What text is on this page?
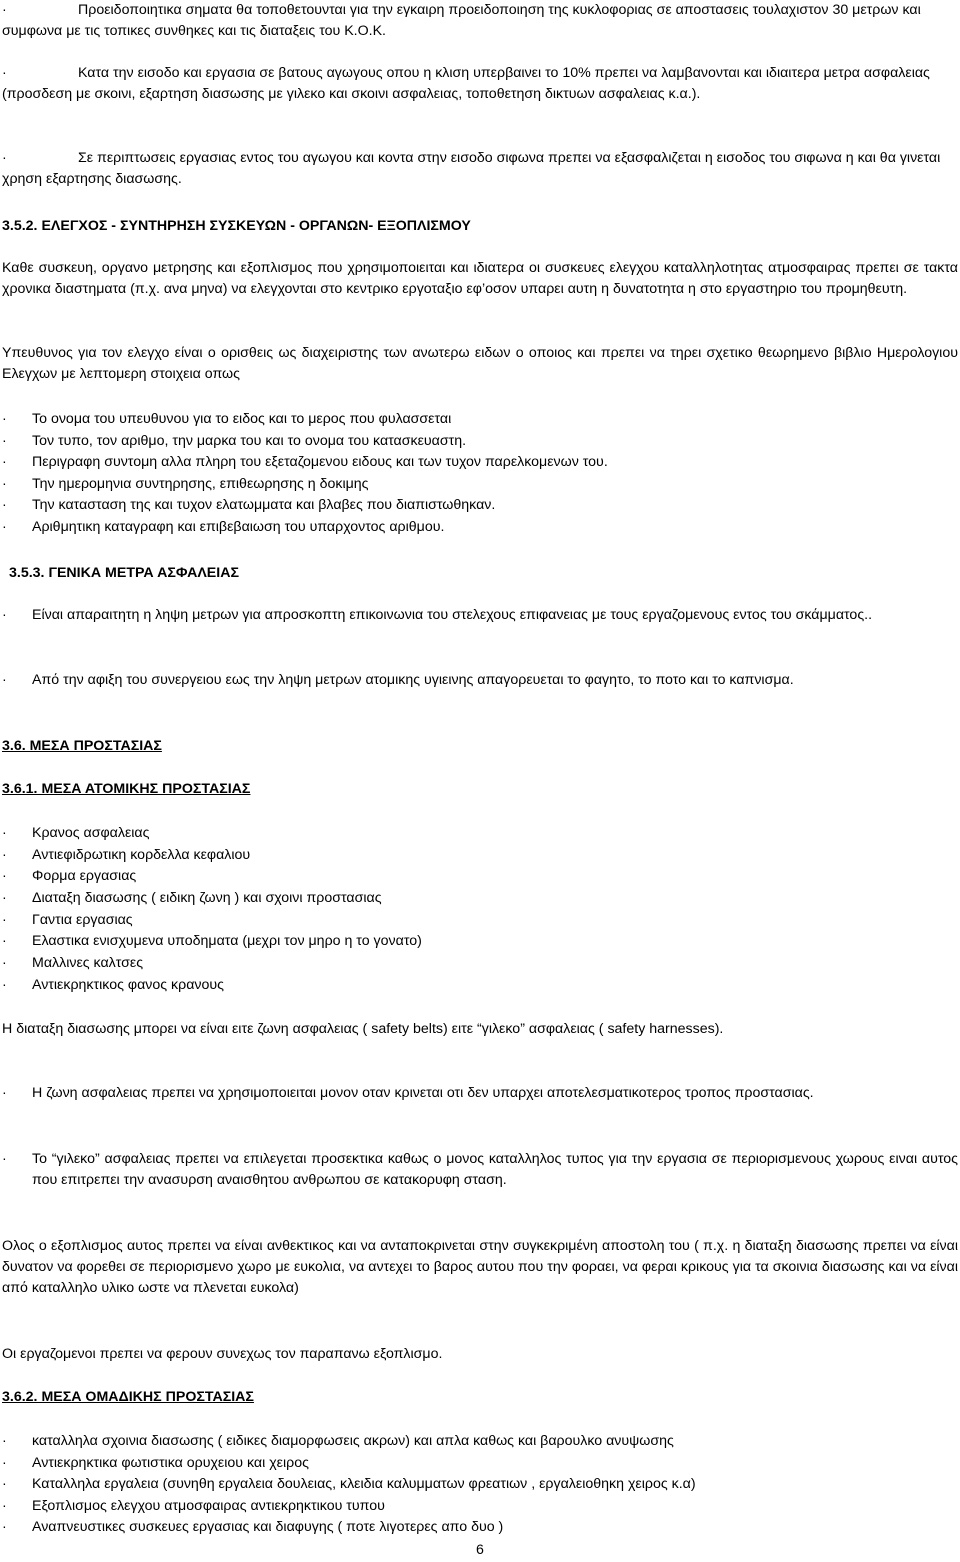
·	Προειδοποιητικα σηματα θα τοποθετουνται για την εγκαιρη προειδοποιηση της κυκλοφοριας σε αποστασεις τουλαχιστον 30 μετρων και συμφωνα με τις τοπικες συνθηκες και τις διαταξεις του Κ.Ο.Κ.

·	Κατα την εισοδο και εργασια σε βατους αγωγους οπου η κλιση υπερβαινει το 10% πρεπει να λαμβανονται και ιδιαιτερα μετρα ασφαλειας (προσδεση με σκοινι, εξαρτηση διασωσης με γιλεκο και σκοινι ασφαλειας, τοποθετηση δικτυων ασφαλειας κ.α.).

·	Σε περιπτωσεις εργασιας εντος του αγωγου και κοντα στην εισοδο σιφωνα πρεπει να εξασφαλιζεται η εισοδος του σιφωνα η και θα γινεται χρηση εξαρτησης διασωσης.

3.5.2. ΕΛΕΓΧΟΣ - ΣΥΝΤΗΡΗΣΗ ΣΥΣΚΕΥΩΝ - ΟΡΓΑΝΩΝ- ΕΞΟΠΛΙΣΜΟΥ

Καθε συσκευη, οργανο μετρησης και εξοπλισμος που χρησιμοποιειται και ιδιατερα οι συσκευες ελεγχου καταλληλοτητας ατμοσφαιρας πρεπει σε τακτα χρονικα διαστηματα (π.χ. ανα μηνα) να ελεγχονται στο κεντρικο εργοταξιο εφ’οσον υπαρει αυτη η δυνατοτητα η στο εργαστηριο του προμηθευτη.

Υπευθυνος για τον ελεγχο είναι ο ορισθεις ως διαχειριστης των ανωτερω ειδων ο οποιος και πρεπει να τηρει σχετικο θεωρημενο βιβλιο Ημερολογιου Ελεγχων με λεπτομερη στοιχεια οπως

· Το ονομα του υπευθυνου για το ειδος και το μερος που φυλασσεται
· Τον τυπο, τον αριθμο, την μαρκα του και το ονομα του κατασκευαστη.
· Περιγραφη συντομη αλλα πληρη του εξεταζομενου ειδους και των τυχον παρελκομενων του.
· Την ημερομηνια συντηρησης, επιθεωρησης η δοκιμης
· Την κατασταση της και τυχον ελατωμματα και βλαβες που διαπιστωθηκαν.
· Αριθμητικη καταγραφη και επιβεβαιωση του υπαρχοντος αριθμου.
3.5.3. ΓΕΝΙΚΑ ΜΕΤΡΑ ΑΣΦΑΛΕΙΑΣ
· Είναι απαραιτητη η ληψη μετρων για απροσκοπτη επικοινωνια του στελεχους επιφανειας με τους εργαζομενους εντος του σκάμματος..

· Από την αφιξη του συνεργειου εως την ληψη μετρων ατομικης υγιεινης απαγορευεται το φαγητο, το ποτο και το καπνισμα.

3.6. ΜΕΣΑ ΠΡΟΣΤΑΣΙΑΣ
3.6.1. ΜΕΣΑ ΑΤΟΜΙΚΗΣ ΠΡΟΣΤΑΣΙΑΣ
· Κρανος ασφαλειας
· Αντιεφιδρωτικη κορδελλα κεφαλιου
· Φορμα εργασιας
· Διαταξη διασωσης ( ειδικη ζωνη ) και σχοινι προστασιας
· Γαντια εργασιας
· Ελαστικα ενισχυμενα υποδηματα (μεχρι τον μηρο η το γονατο)
· Μαλλινες καλτσες
· Αντιεκρηκτικος φανος κρανους

Η διαταξη διασωσης μπορει να είναι ειτε ζωνη ασφαλειας ( safety belts) ειτε “γιλεκο” ασφαλειας ( safety harnesses).

· Η ζωνη ασφαλειας πρεπει να χρησιμοποιειται μονον οταν κρινεται οτι δεν υπαρχει αποτελεσματικοτερος τροπος προστασιας.

· Το “γιλεκο” ασφαλειας πρεπει να επιλεγεται προσεκτικα καθως ο μονος καταλληλος τυπος για την εργασια σε περιορισμενους χωρους ειναι αυτος που επιτρεπει την ανασυρση αναισθητου ανθρωπου σε κατακορυφη σταση.

Ολος ο εξοπλισμος αυτος πρεπει να είναι ανθεκτικος και να ανταποκρινεται στην συγκεκριμένη αποστολη του ( π.χ. η διαταξη διασωσης πρεπει να είναι δυνατον να φορεθει σε περιορισμενο χωρο με ευκολια, να αντεχει το βαρος αυτου που την φοραει, να φεραι κρικους για τα σκοινια διασωσης και να είναι από καταλληλο υλικο ωστε να πλενεται ευκολα)

Οι εργαζομενοι πρεπει να φερουν συνεχως τον παραπανω εξοπλισμο.

3.6.2. ΜΕΣΑ ΟΜΑΔΙΚΗΣ ΠΡΟΣΤΑΣΙΑΣ
· καταλληλα σχοινια διασωσης ( ειδικες διαμορφωσεις ακρων) και απλα καθως και βαρουλκο ανυψωσης
· Αντιεκρηκτικα φωτιστικα ορυχειου και χειρος
· Καταλληλα εργαλεια (συνηθη εργαλεια δουλειας, κλειδια καλυμματων φρεατιων , εργαλειοθηκη χειρος κ.α)
· Εξοπλισμος ελεγχου ατμοσφαιρας αντιεκρηκτικου τυπου
· Αναπνευστικες συσκευες εργασιας και διαφυγης ( ποτε λιγοτερες απο δυο )
6
